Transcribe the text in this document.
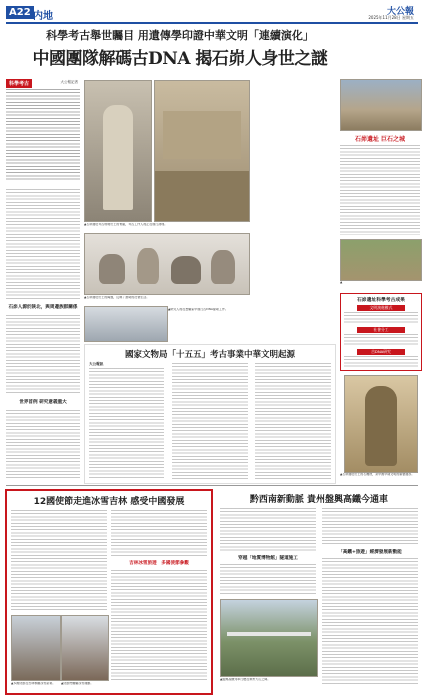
A22 内地	大公報
2025年11月28日 星期五
科學考古舉世矚目 用遺傳學印證中華文明「連續演化」
中國團隊解碼古DNA 揭石峁人身世之謎
科學考古	大公報記者
石峁人源於陝北，與周邊族群關係
世界首例 研究意義重大
▲石峁遺址考古現場出土的骨骼，考古工作人員正在進行清理。
▲石峁遺址出土的陶器，反映了當時的社會生活。
▲研究人員在實驗室中進行古DNA提取工作。
國家文物局「十五五」考古事業中華文明起源
大公報訊
石峁遺址 巨石之城
▲
石峁遺址科學考古成果
文明演進模式
社會分工
古DNA研究
▲石峁遺址出土的石雕像，是中國早期文明的重要遺存。
12國使節走進冰雪吉林 感受中國發展
吉林冰雪旅遊　多國使節參觀
▲多國使節在吉林參觀冰雪產業。	▲使節們體驗冰雪運動。
黔西南新動脈 貴州盤興高鐵今通車
穿越「地質博物館」隧道施工
「高鐵+旅遊」經濟發展新動能
▲盤興高鐵列車行駛在貴州大山之間。
